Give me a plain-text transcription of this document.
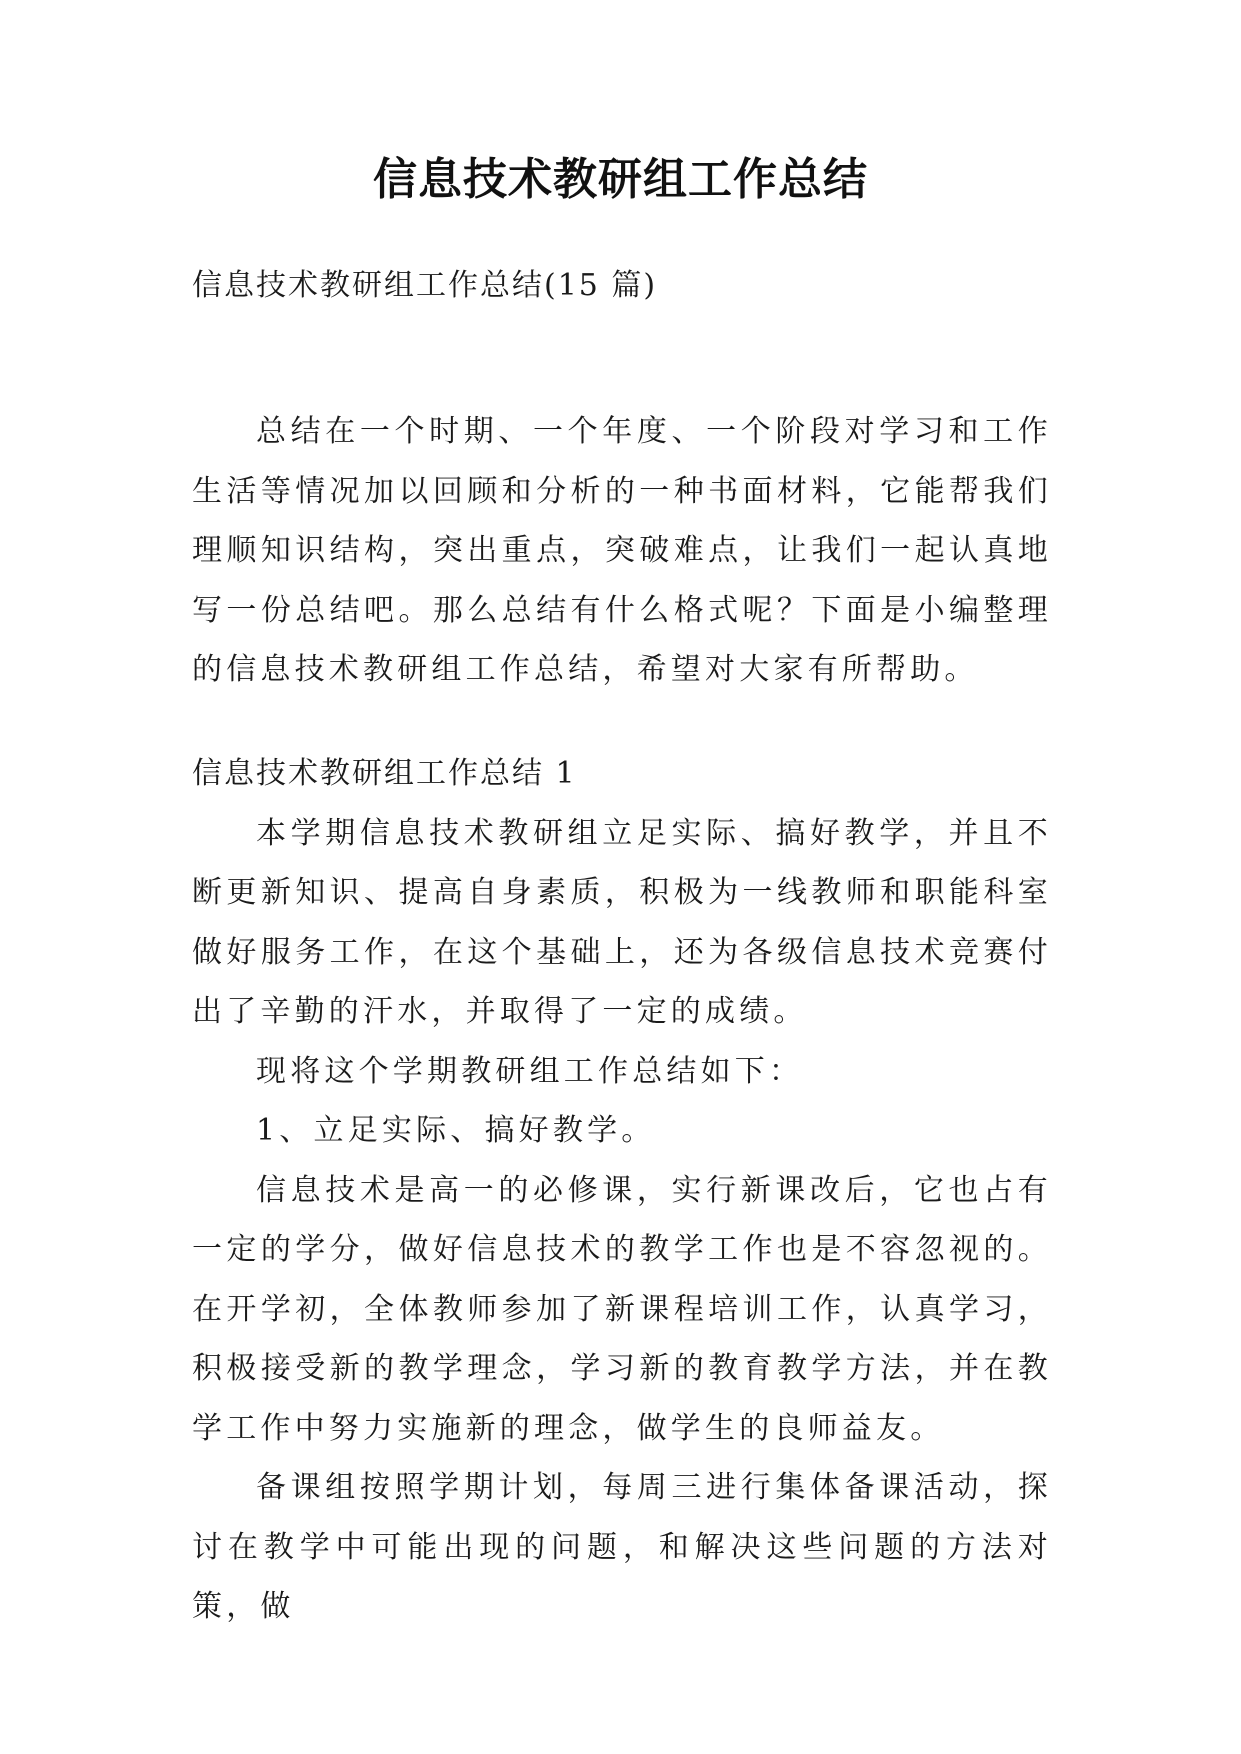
信息技术教研组工作总结
信息技术教研组工作总结(15 篇)
总结在一个时期、一个年度、一个阶段对学习和工作生活等情况加以回顾和分析的一种书面材料，它能帮我们理顺知识结构，突出重点，突破难点，让我们一起认真地写一份总结吧。那么总结有什么格式呢？下面是小编整理的信息技术教研组工作总结，希望对大家有所帮助。

信息技术教研组工作总结 1

本学期信息技术教研组立足实际、搞好教学，并且不断更新知识、提高自身素质，积极为一线教师和职能科室做好服务工作，在这个基础上，还为各级信息技术竞赛付出了辛勤的汗水，并取得了一定的成绩。

现将这个学期教研组工作总结如下：

1、立足实际、搞好教学。

信息技术是高一的必修课，实行新课改后，它也占有一定的学分，做好信息技术的教学工作也是不容忽视的。在开学初，全体教师参加了新课程培训工作，认真学习，积极接受新的教学理念，学习新的教育教学方法，并在教学工作中努力实施新的理念，做学生的良师益友。

备课组按照学期计划，每周三进行集体备课活动，探讨在教学中可能出现的问题，和解决这些问题的方法对策，做
